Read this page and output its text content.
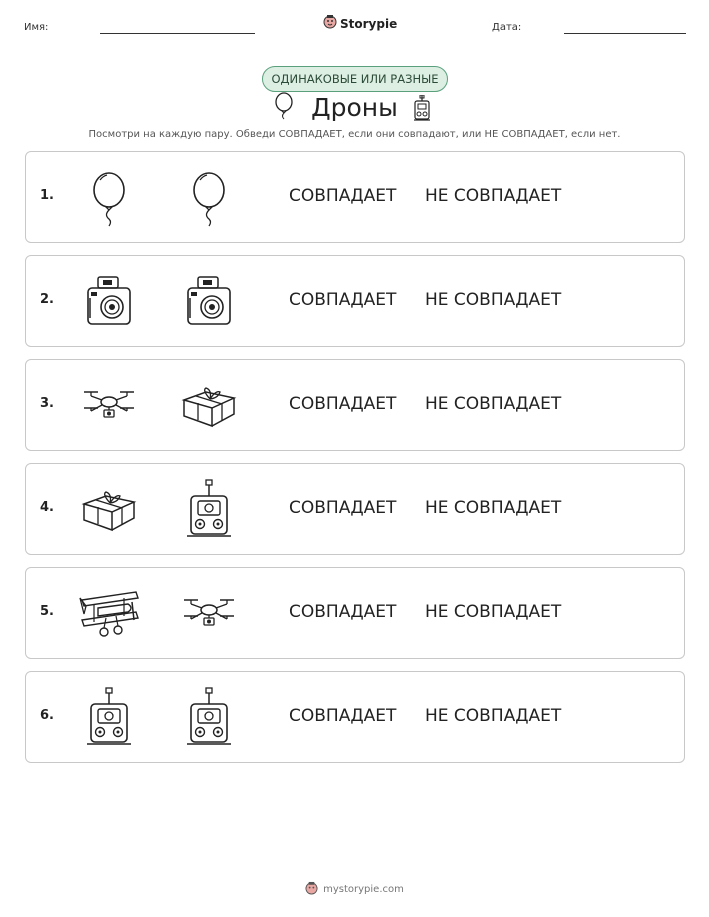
Имя:	Storypie	Дата:
ОДИНАКОВЫЕ ИЛИ РАЗНЫЕ
Дроны
Посмотри на каждую пару. Обведи СОВПАДАЕТ, если они совпадают, или НЕ СОВПАДАЕТ, если нет.
1.	СОВПАДАЕТ НЕ СОВПАДАЕТ
2.	СОВПАДАЕТ НЕ СОВПАДАЕТ
3.	СОВПАДАЕТ НЕ СОВПАДАЕТ
4.	СОВПАДАЕТ НЕ СОВПАДАЕТ
5.	СОВПАДАЕТ НЕ СОВПАДАЕТ
6.	СОВПАДАЕТ НЕ СОВПАДАЕТ
mystorypie.com
